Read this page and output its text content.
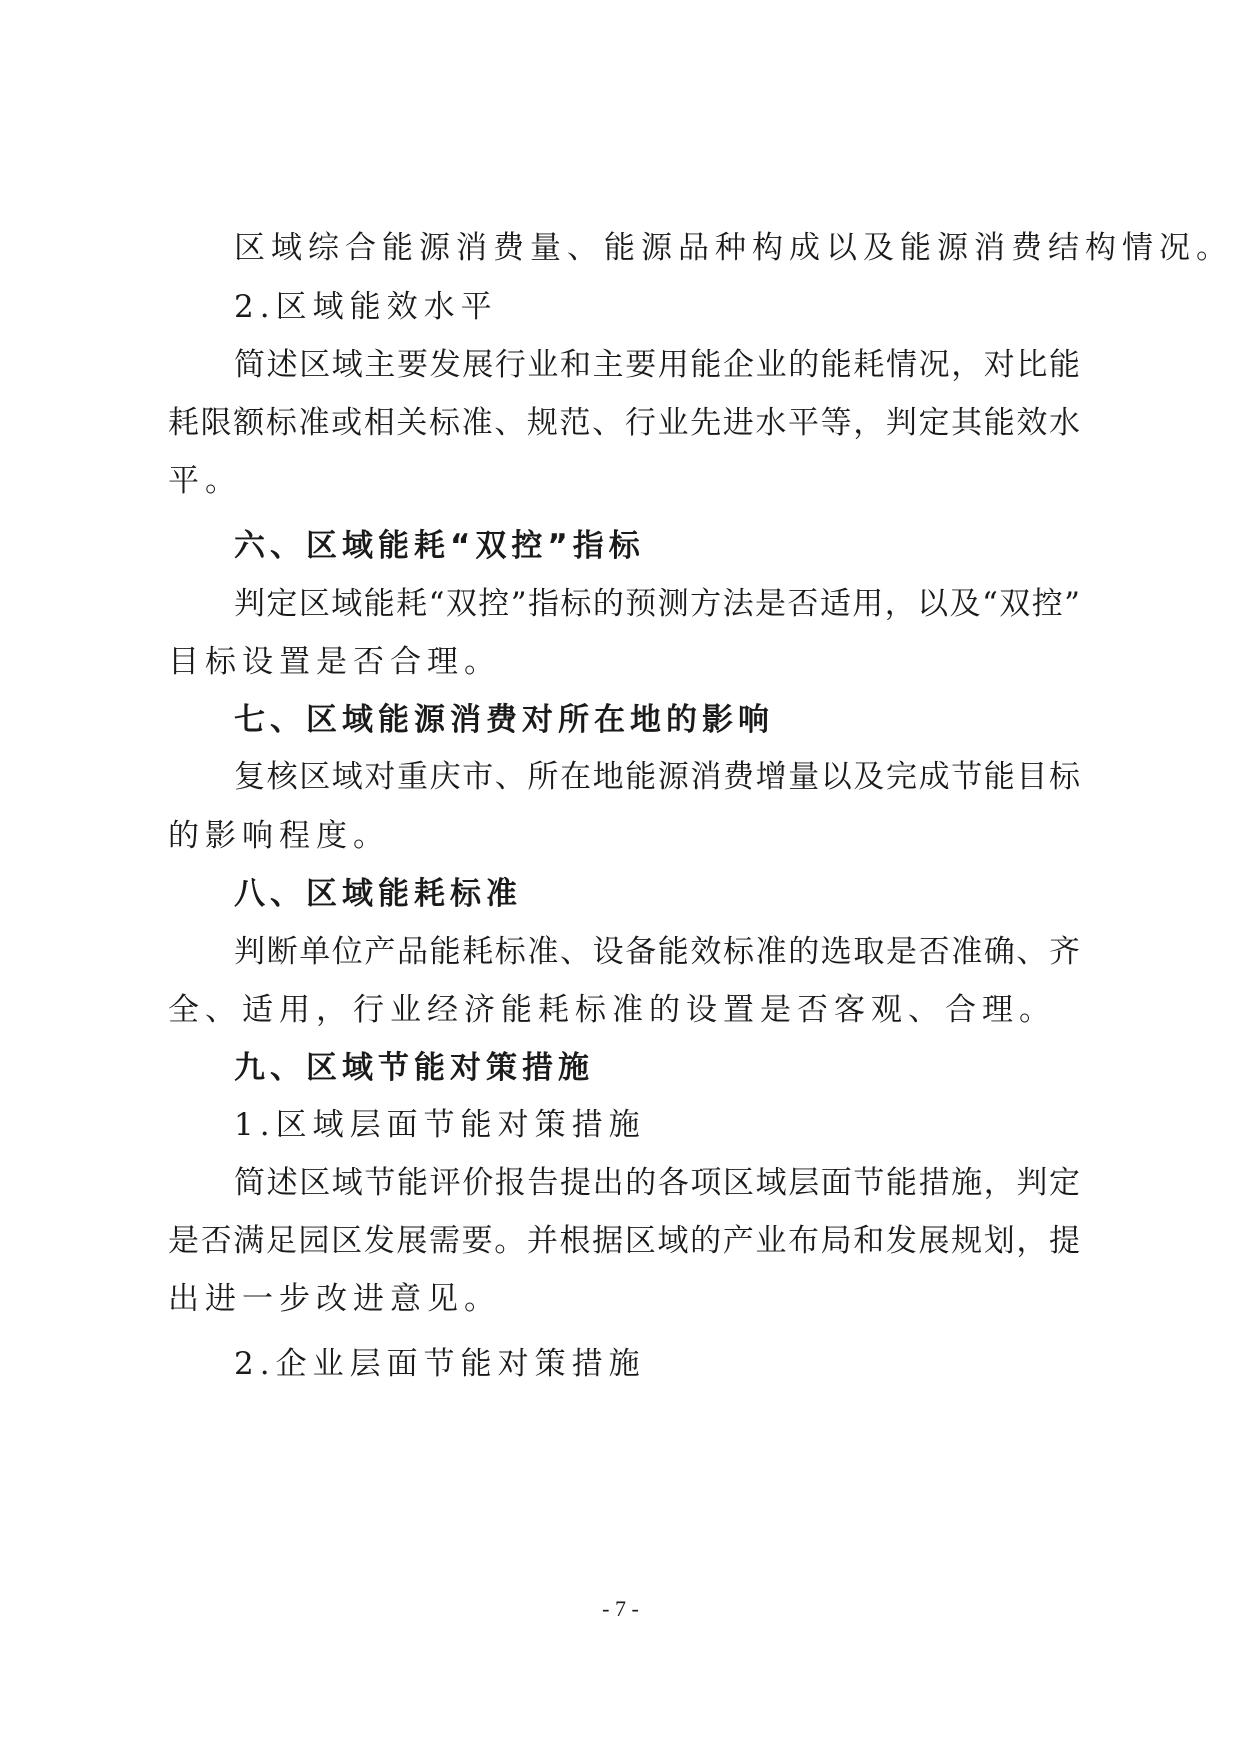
区域综合能源消费量、能源品种构成以及能源消费结构情况。
2.区域能效水平
简述区域主要发展行业和主要用能企业的能耗情况，对比能
耗限额标准或相关标准、规范、行业先进水平等，判定其能效水
平。
六、区域能耗“双控”指标
判定区域能耗“双控”指标的预测方法是否适用，以及“双控”
目标设置是否合理。
七、区域能源消费对所在地的影响
复核区域对重庆市、所在地能源消费增量以及完成节能目标
的影响程度。
八、区域能耗标准
判断单位产品能耗标准、设备能效标准的选取是否准确、齐
全、适用，行业经济能耗标准的设置是否客观、合理。
九、区域节能对策措施
1.区域层面节能对策措施
简述区域节能评价报告提出的各项区域层面节能措施，判定
是否满足园区发展需要。并根据区域的产业布局和发展规划，提
出进一步改进意见。
2.企业层面节能对策措施
- 7 -
